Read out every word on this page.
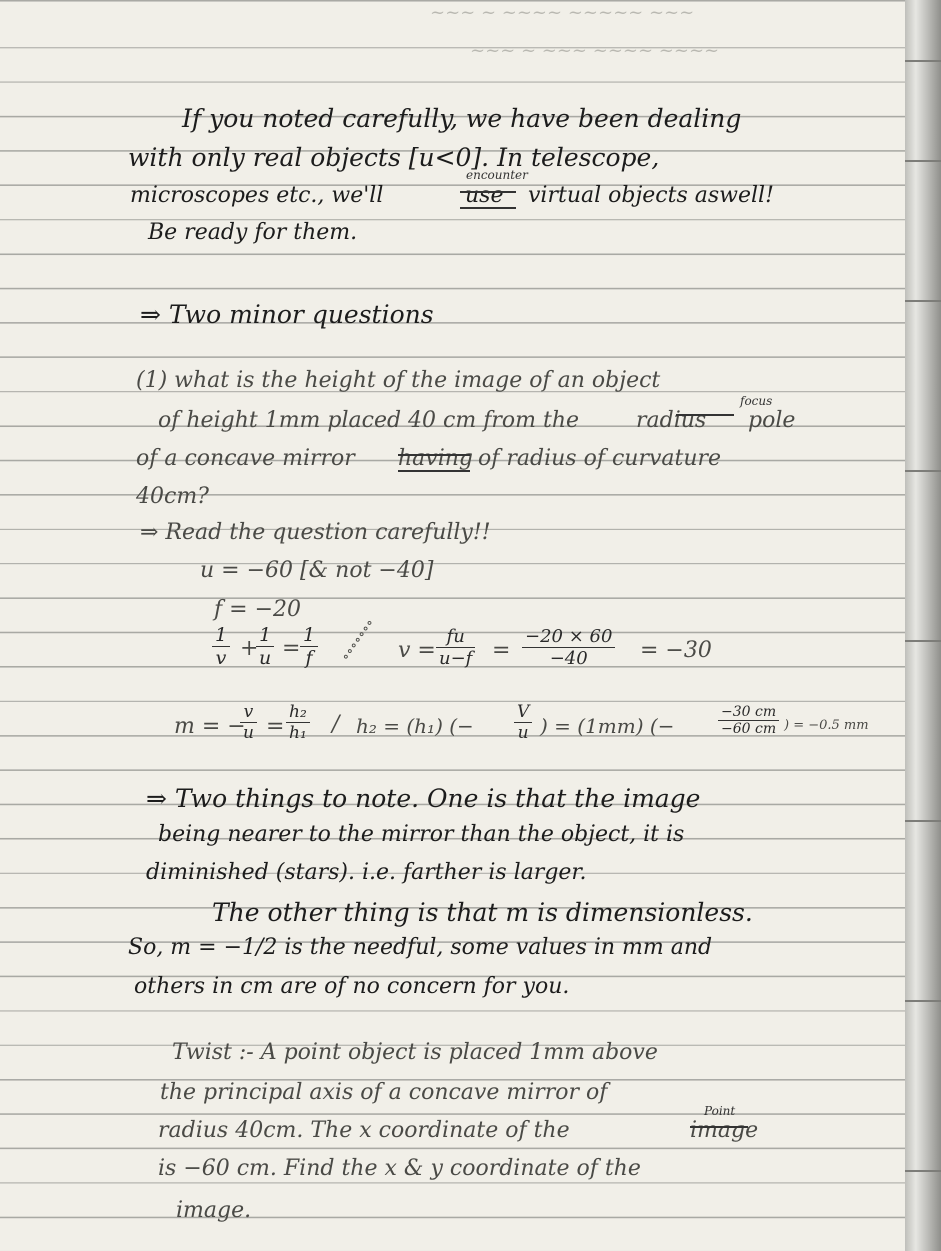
~~~ ~ ~~~~ ~~~~~ ~~~
~~~ ~ ~~~ ~~~~ ~~~~
If you noted carefully, we have been dealing
with only real objects [u<0]. In telescope,
microscopes etc., we'll
encounter
use virtual objects aswell!
Be ready for them.
⇒ Two minor questions
(1) what is the height of the image of an object
of height 1mm placed 40 cm from the
focus
radius pole
of a concave mirror having of radius of curvature
40cm?
⇒ Read the question carefully!!
u = −60 [& not −40]
f = −20
$\frac{1}{v}$ +
$\frac{1}{u} = \frac{1}{f}$ ∘∘∘∘∘∘∘ $v = \frac{fu}{u-f} = \frac{-20 \times 60}{-40} = -30$
m = −
$\frac{v}{u} = \frac{\text{h₂}}{\text{h₁}} / h_2 = (h_1)$ (− $\frac{V}{u}$ ) = (1mm) (−	$\frac{-30 cm}{-60 cm}$ ) = −0.5 mm
⇒ Two things to note. One is that the image
being nearer to the mirror than the object, it is
diminished (stars). i.e. farther is larger.
The other thing is that m is dimensionless.
So, m = −1/2 is the needful, some values in mm and
others in cm are of no concern for you.
Twist :- A point object is placed 1mm above
the principal axis of a concave mirror of
radius 40cm. The x coordinate of the
Point
image
is −60 cm. Find the x & y coordinate of the
image.
